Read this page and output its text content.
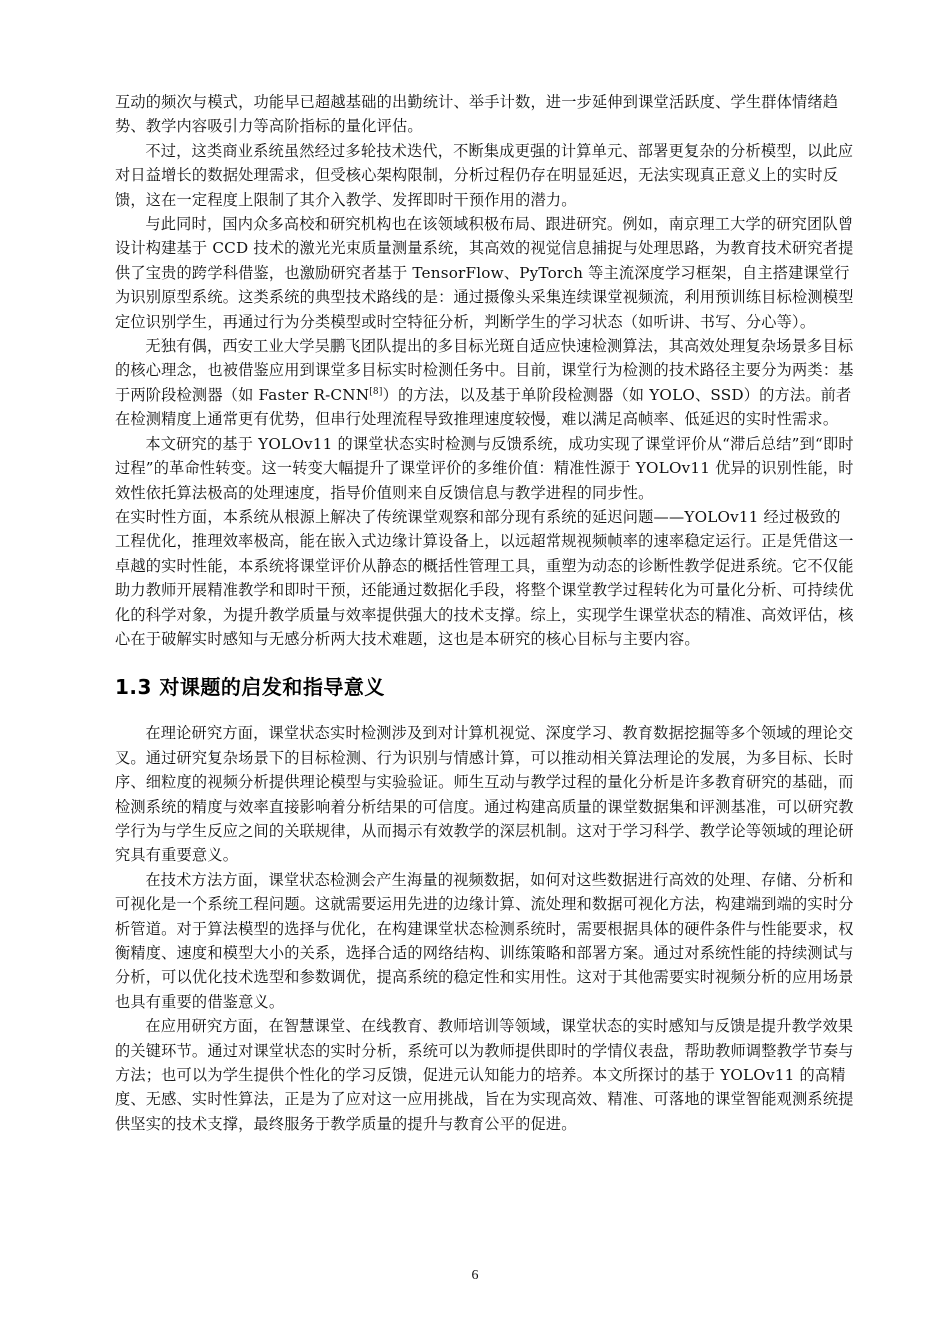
互动的频次与模式，功能早已超越基础的出勤统计、举手计数，进一步延伸到课堂活跃度、学生群体情绪趋势、教学内容吸引力等高阶指标的量化评估。

不过，这类商业系统虽然经过多轮技术迭代，不断集成更强的计算单元、部署更复杂的分析模型，以此应对日益增长的数据处理需求，但受核心架构限制，分析过程仍存在明显延迟，无法实现真正意义上的实时反馈，这在一定程度上限制了其介入教学、发挥即时干预作用的潜力。

与此同时，国内众多高校和研究机构也在该领域积极布局、跟进研究。例如，南京理工大学的研究团队曾设计构建基于 CCD 技术的激光光束质量测量系统，其高效的视觉信息捕捉与处理思路，为教育技术研究者提供了宝贵的跨学科借鉴，也激励研究者基于 TensorFlow、PyTorch 等主流深度学习框架，自主搭建课堂行为识别原型系统。这类系统的典型技术路线的是：通过摄像头采集连续课堂视频流，利用预训练目标检测模型定位识别学生，再通过行为分类模型或时空特征分析，判断学生的学习状态（如听讲、书写、分心等）。

无独有偶，西安工业大学吴鹏飞团队提出的多目标光斑自适应快速检测算法，其高效处理复杂场景多目标的核心理念，也被借鉴应用到课堂多目标实时检测任务中。目前，课堂行为检测的技术路径主要分为两类：基于两阶段检测器（如 Faster R-CNN[8]）的方法，以及基于单阶段检测器（如 YOLO、SSD）的方法。前者在检测精度上通常更有优势，但串行处理流程导致推理速度较慢，难以满足高帧率、低延迟的实时性需求。

本文研究的基于 YOLOv11 的课堂状态实时检测与反馈系统，成功实现了课堂评价从“滞后总结”到“即时过程”的革命性转变。这一转变大幅提升了课堂评价的多维价值：精准性源于 YOLOv11 优异的识别性能，时效性依托算法极高的处理速度，指导价值则来自反馈信息与教学进程的同步性。

在实时性方面，本系统从根源上解决了传统课堂观察和部分现有系统的延迟问题——YOLOv11 经过极致的工程优化，推理效率极高，能在嵌入式边缘计算设备上，以远超常规视频帧率的速率稳定运行。正是凭借这一卓越的实时性能，本系统将课堂评价从静态的概括性管理工具，重塑为动态的诊断性教学促进系统。它不仅能助力教师开展精准教学和即时干预，还能通过数据化手段，将整个课堂教学过程转化为可量化分析、可持续优化的科学对象，为提升教学质量与效率提供强大的技术支撑。综上，实现学生课堂状态的精准、高效评估，核心在于破解实时感知与无感分析两大技术难题，这也是本研究的核心目标与主要内容。

1.3 对课题的启发和指导意义

在理论研究方面，课堂状态实时检测涉及到对计算机视觉、深度学习、教育数据挖掘等多个领域的理论交叉。通过研究复杂场景下的目标检测、行为识别与情感计算，可以推动相关算法理论的发展，为多目标、长时序、细粒度的视频分析提供理论模型与实验验证。师生互动与教学过程的量化分析是许多教育研究的基础，而检测系统的精度与效率直接影响着分析结果的可信度。通过构建高质量的课堂数据集和评测基准，可以研究教学行为与学生反应之间的关联规律，从而揭示有效教学的深层机制。这对于学习科学、教学论等领域的理论研究具有重要意义。

在技术方法方面，课堂状态检测会产生海量的视频数据，如何对这些数据进行高效的处理、存储、分析和可视化是一个系统工程问题。这就需要运用先进的边缘计算、流处理和数据可视化方法，构建端到端的实时分析管道。对于算法模型的选择与优化，在构建课堂状态检测系统时，需要根据具体的硬件条件与性能要求，权衡精度、速度和模型大小的关系，选择合适的网络结构、训练策略和部署方案。通过对系统性能的持续测试与分析，可以优化技术选型和参数调优，提高系统的稳定性和实用性。这对于其他需要实时视频分析的应用场景也具有重要的借鉴意义。

在应用研究方面，在智慧课堂、在线教育、教师培训等领域，课堂状态的实时感知与反馈是提升教学效果的关键环节。通过对课堂状态的实时分析，系统可以为教师提供即时的学情仪表盘，帮助教师调整教学节奏与方法；也可以为学生提供个性化的学习反馈，促进元认知能力的培养。本文所探讨的基于 YOLOv11 的高精度、无感、实时性算法，正是为了应对这一应用挑战，旨在为实现高效、精准、可落地的课堂智能观测系统提供坚实的技术支撑，最终服务于教学质量的提升与教育公平的促进。

6
